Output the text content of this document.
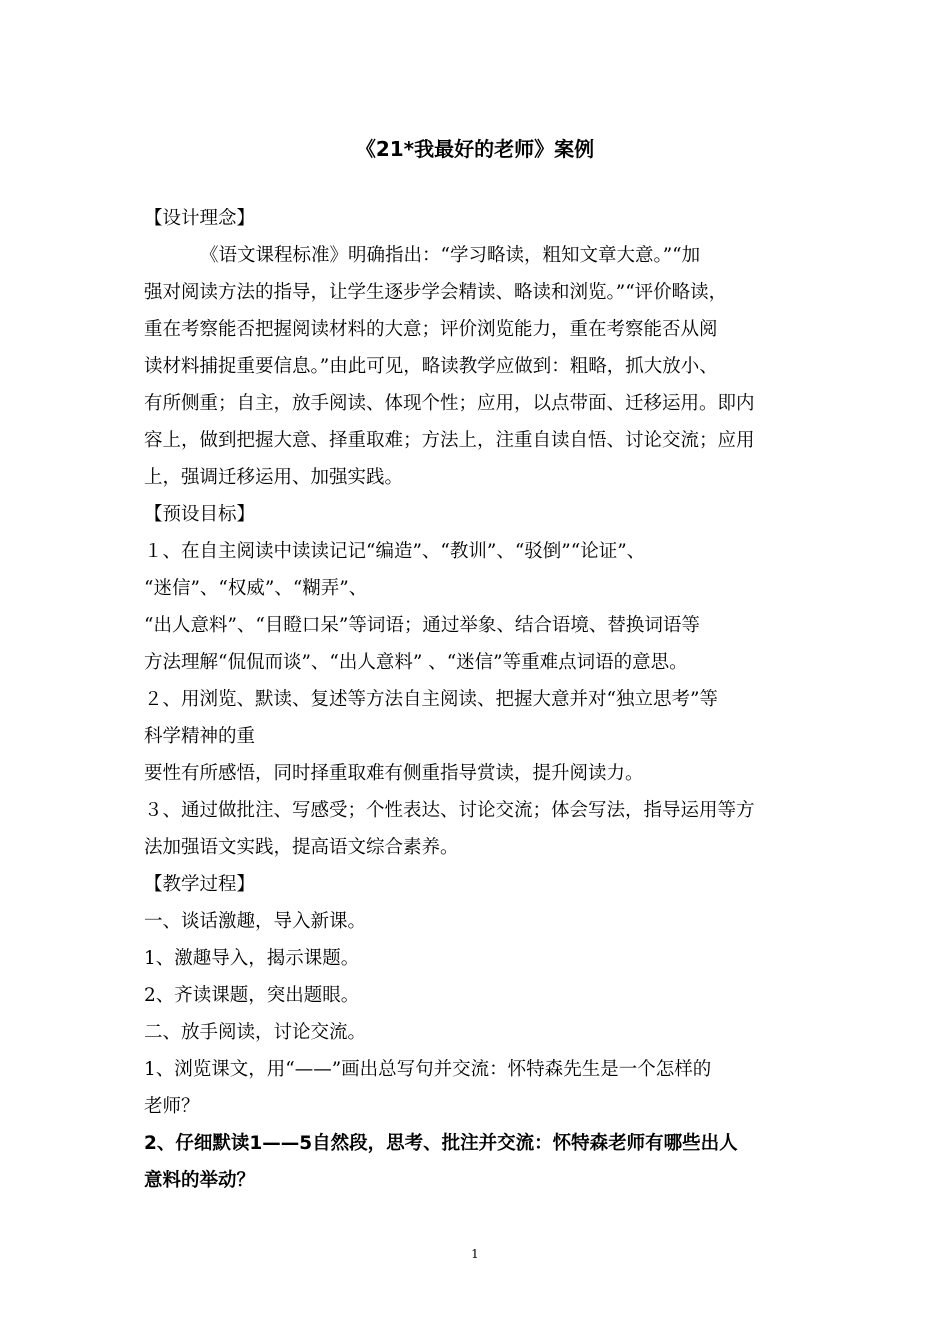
《21*我最好的老师》案例
【设计理念】
《语文课程标准》明确指出：“学习略读，粗知文章大意。”“加
强对阅读方法的指导，让学生逐步学会精读、略读和浏览。”“评价略读，
重在考察能否把握阅读材料的大意；评价浏览能力，重在考察能否从阅
读材料捕捉重要信息。”由此可见，略读教学应做到：粗略，抓大放小、
有所侧重；自主，放手阅读、体现个性；应用，以点带面、迁移运用。即内
容上，做到把握大意、择重取难；方法上，注重自读自悟、讨论交流；应用
上，强调迁移运用、加强实践。
【预设目标】
１、在自主阅读中读读记记“编造”、“教训”、“驳倒”“论证”、
“迷信”、“权威”、“糊弄”、
“出人意料”、“目瞪口呆”等词语；通过举象、结合语境、替换词语等
方法理解“侃侃而谈”、“出人意料” 、“迷信”等重难点词语的意思。
２、用浏览、默读、复述等方法自主阅读、把握大意并对“独立思考”等
科学精神的重
要性有所感悟，同时择重取难有侧重指导赏读，提升阅读力。
３、通过做批注、写感受；个性表达、讨论交流；体会写法，指导运用等方
法加强语文实践，提高语文综合素养。
【教学过程】
一、谈话激趣，导入新课。
1、激趣导入，揭示课题。
2、齐读课题，突出题眼。
二、放手阅读，讨论交流。
1、浏览课文，用“——”画出总写句并交流：怀特森先生是一个怎样的
老师？
2、仔细默读1——5自然段，思考、批注并交流：怀特森老师有哪些出人
意料的举动？
1
